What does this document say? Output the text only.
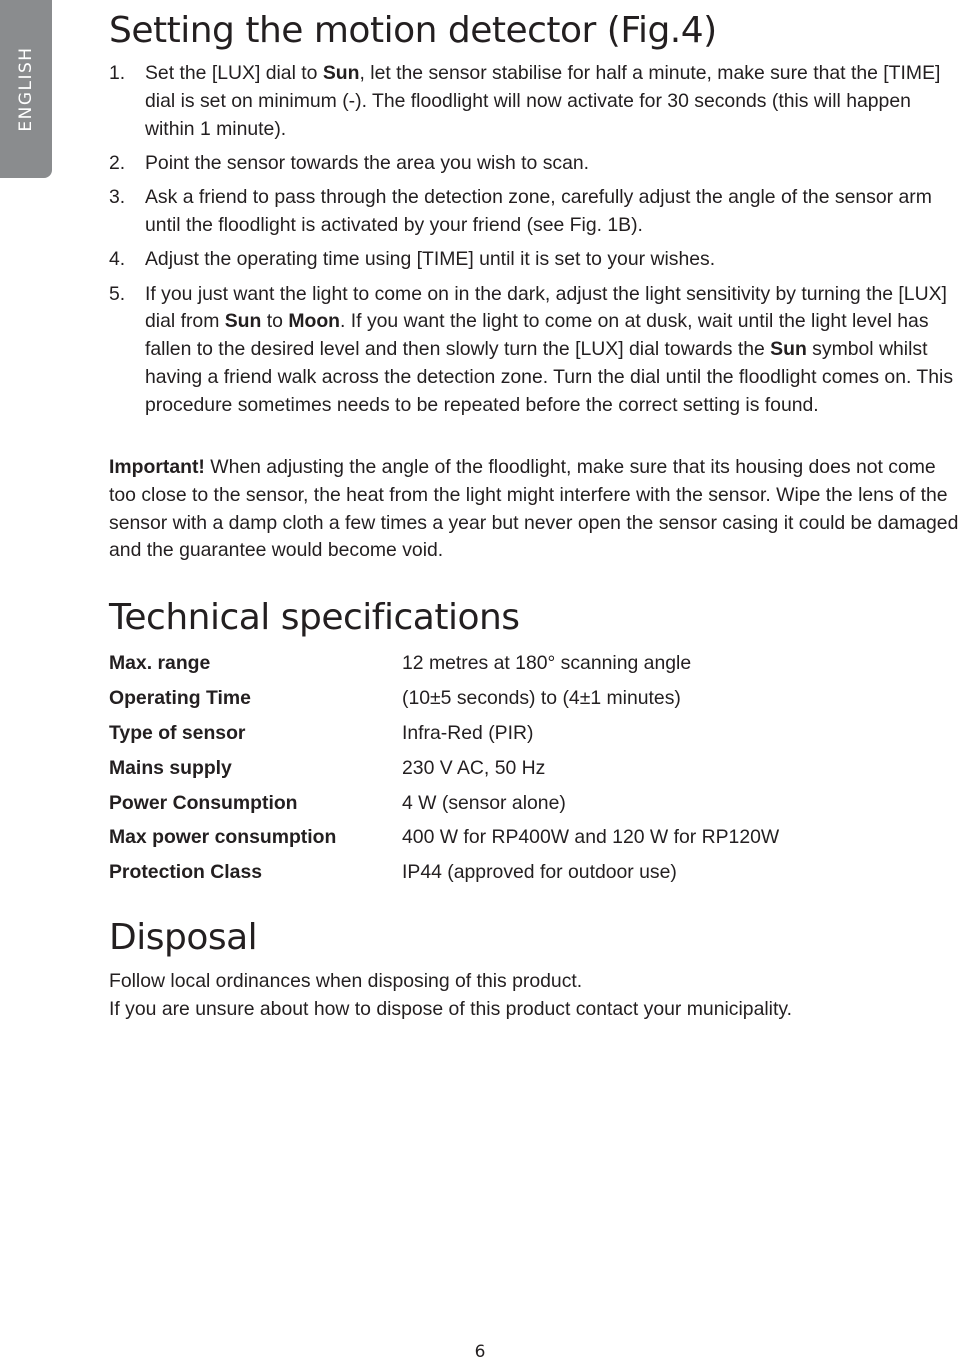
ENGLISH
Setting the motion detector (Fig.4)
1. Set the [LUX] dial to Sun, let the sensor stabilise for half a minute, make sure that the [TIME] dial is set on minimum (-). The floodlight will now activate for 30 seconds (this will happen within 1 minute).
2. Point the sensor towards the area you wish to scan.
3. Ask a friend to pass through the detection zone, carefully adjust the angle of the sensor arm until the floodlight is activated by your friend (see Fig. 1B).
4. Adjust the operating time using [TIME] until it is set to your wishes.
5. If you just want the light to come on in the dark, adjust the light sensitivity by turning the [LUX] dial from Sun to Moon. If you want the light to come on at dusk, wait until the light level has fallen to the desired level and then slowly turn the [LUX] dial towards the Sun symbol whilst having a friend walk across the detection zone. Turn the dial until the floodlight comes on. This procedure sometimes needs to be repeated before the correct setting is found.

Important! When adjusting the angle of the floodlight, make sure that its housing does not come too close to the sensor, the heat from the light might interfere with the sensor. Wipe the lens of the sensor with a damp cloth a few times a year but never open the sensor casing it could be damaged and the guarantee would become void.

Technical specifications
Max. range	12 metres at 180° scanning angle
Operating Time	(10±5 seconds) to (4±1 minutes)
Type of sensor	Infra-Red (PIR)
Mains supply	230 V AC, 50 Hz
Power Consumption	4 W (sensor alone)
Max power consumption	400 W for RP400W and 120 W for RP120W
Protection Class	IP44 (approved for outdoor use)
Disposal

Follow local ordinances when disposing of this product.

If you are unsure about how to dispose of this product contact your municipality.

6
